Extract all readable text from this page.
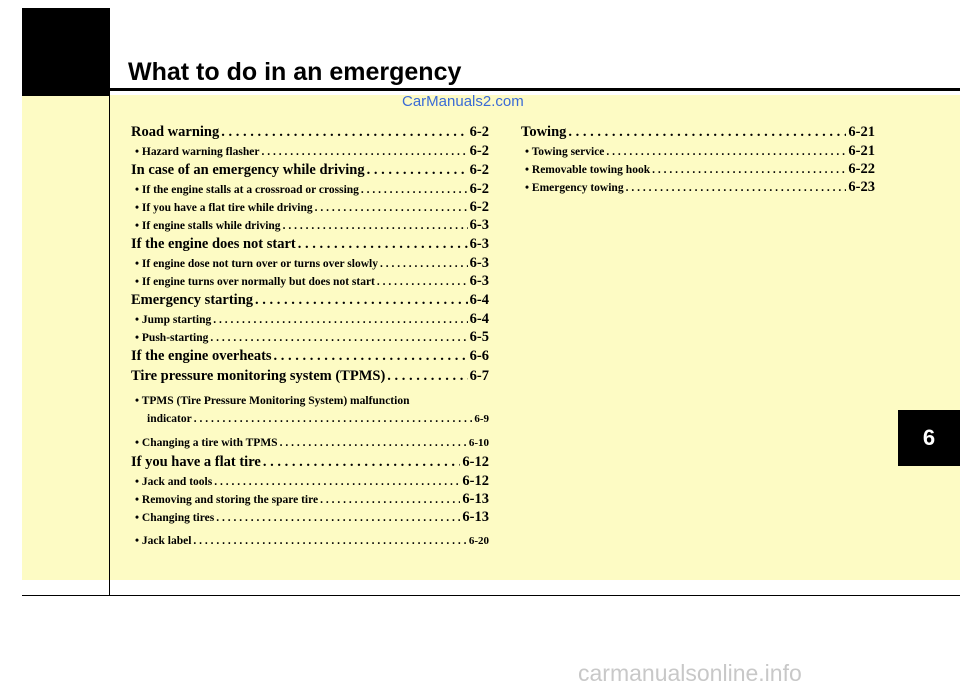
What to do in an emergency
CarManuals2.com
Road warning . . .	6-2
• Hazard warning flasher . . .	6-2
In case of an emergency while driving . . .	6-2
• If the engine stalls at a crossroad or crossing . . .	6-2
• If you have a flat tire while driving . . .	6-2
• If engine stalls while driving . . .	6-3
If the engine does not start . . .	6-3
• If engine dose not turn over or turns over slowly . . .	6-3
• If engine turns over normally but does not start . . .	6-3
Emergency starting . . .	6-4
• Jump starting . . .	6-4
• Push-starting . . .	6-5
If the engine overheats . . .	6-6
Tire pressure monitoring system (TPMS) . . .	6-7
• TPMS (Tire Pressure Monitoring System) malfunction
indicator . . .	6-9
• Changing a tire with TPMS . . .	6-10
If you have a flat tire . . .	6-12
• Jack and tools . . .	6-12
• Removing and storing the spare tire . . .	6-13
• Changing tires . . .	6-13
• Jack label . . .	6-20
Towing . . .	6-21
• Towing service . . .	6-21
• Removable towing hook . . .	6-22
• Emergency towing . . .	6-23
6
carmanualsonline.info
